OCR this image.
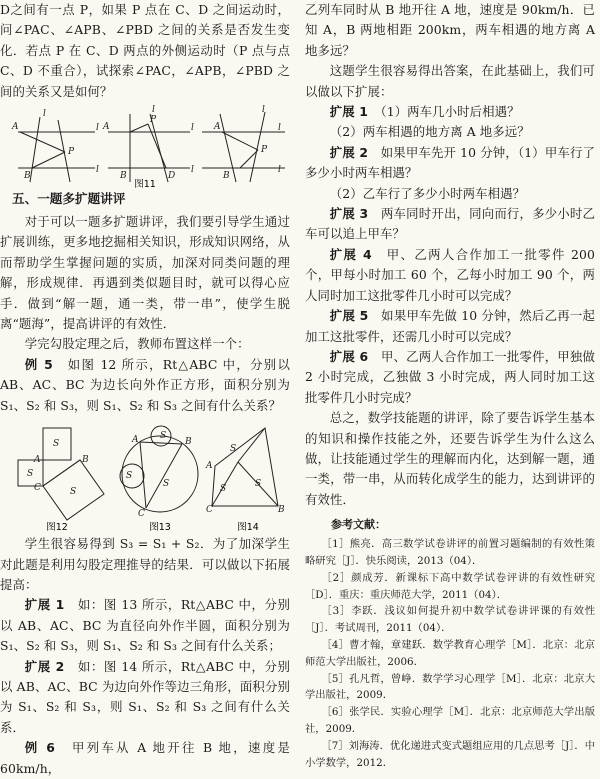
D之间有一点 P，如果 P 点在 C、D 之间运动时，问∠PAC、∠APB、∠PBD 之间的关系是否发生变化．若点 P 在 C、D 两点的外侧运动时（P 点与点 C、D 不重合），试探索∠PAC，∠APB，∠PBD 之间的关系又是如何？

A
B
P
l
l
l
A
B
P
D
l
l
l
A
B
P
l
l
l
图11

五、一题多扩题讲评

对于可以一题多扩题讲评，我们要引导学生通过扩展训练，更多地挖掘相关知识，形成知识网络，从而帮助学生掌握问题的实质，加深对同类问题的理解，形成规律．再遇到类似题目时，就可以得心应手．做到“解一题，通一类，带一串”，使学生脱离“题海”，提高讲评的有效性．

学完勾股定理之后，教师布置这样一个：

例 5　 如图 12 所示，Rt△ABC 中，分别以 AB、AC、BC 为边长向外作正方形，面积分别为 S₁、S₂ 和 S₃，则 S₁、S₂ 和 S₃ 之间有什么关系？

S
S
S
A
C
B
S
S
S
A	B
C
S
S	S
A
C	B
图12	图13	图14

学生很容易得到 S₃ = S₁ + S₂．为了加深学生对此题是利用勾股定理推导的结果．可以做以下拓展提高：

扩展 1　 如：图 13 所示，Rt△ABC 中，分别以 AB、AC、BC 为直径向外作半圆，面积分别为 S₁、S₂ 和 S₃，则 S₁、S₂ 和 S₃ 之间有什么关系；

扩展 2　 如：图 14 所示，Rt△ABC 中，分别以 AB、AC、BC 为边向外作等边三角形，面积分别为 S₁、S₂ 和 S₃，则 S₁、S₂ 和 S₃ 之间有什么关系．

例 6　 甲列车从 A 地开往 B 地，速度是 60km/h，

乙列车同时从 B 地开往 A 地，速度是 90km/h．已知 A，B 两地相距 200km，两车相遇的地方离 A 地多远？

这题学生很容易得出答案，在此基础上，我们可以做以下扩展：

扩展 1　 （1）两车几小时后相遇？

（2）两车相遇的地方离 A 地多远？

扩展 2　 如果甲车先开 10 分钟，（1）甲车行了多少小时两车相遇？

（2）乙车行了多少小时两车相遇？

扩展 3　 两车同时开出，同向而行，多少小时乙车可以追上甲车？

扩展 4　 甲、乙两人合作加工一批零件 200 个，甲每小时加工 60 个，乙每小时加工 90 个，两人同时加工这批零件几小时可以完成？

扩展 5　 如果甲车先做 10 分钟，然后乙再一起加工这批零件，还需几小时可以完成？

扩展 6　 甲、乙两人合作加工一批零件，甲独做 2 小时完成，乙独做 3 小时完成，两人同时加工这批零件几小时完成？

总之，数学技能题的讲评，除了要告诉学生基本的知识和操作技能之外，还要告诉学生为什么这么做，让技能通过学生的理解而内化，达到解一题，通一类，带一串，从而转化成学生的能力，达到讲评的有效性．

参考文献：

［1］熊亮．高三数学试卷讲评的前置习题编制的有效性策略研究［J］．快乐阅读，2013（04）．

［2］颜成芳．新课标下高中数学试卷评讲的有效性研究［D］．重庆：重庆师范大学，2011（04）．

［3］李跃．浅议如何提升初中数学试卷讲评课的有效性［J］．考试周刊，2011（04）．

［4］曹才翰，章建跃．数学教育心理学［M］．北京：北京师范大学出版社，2006．

［5］孔凡哲，曾峥．数学学习心理学［M］．北京：北京大学出版社，2009．

［6］张学民．实验心理学［M］．北京：北京师范大学出版社，2009．

［7］刘海涛．优化递进式变式题组应用的几点思考［J］．中小学数学，2012．
